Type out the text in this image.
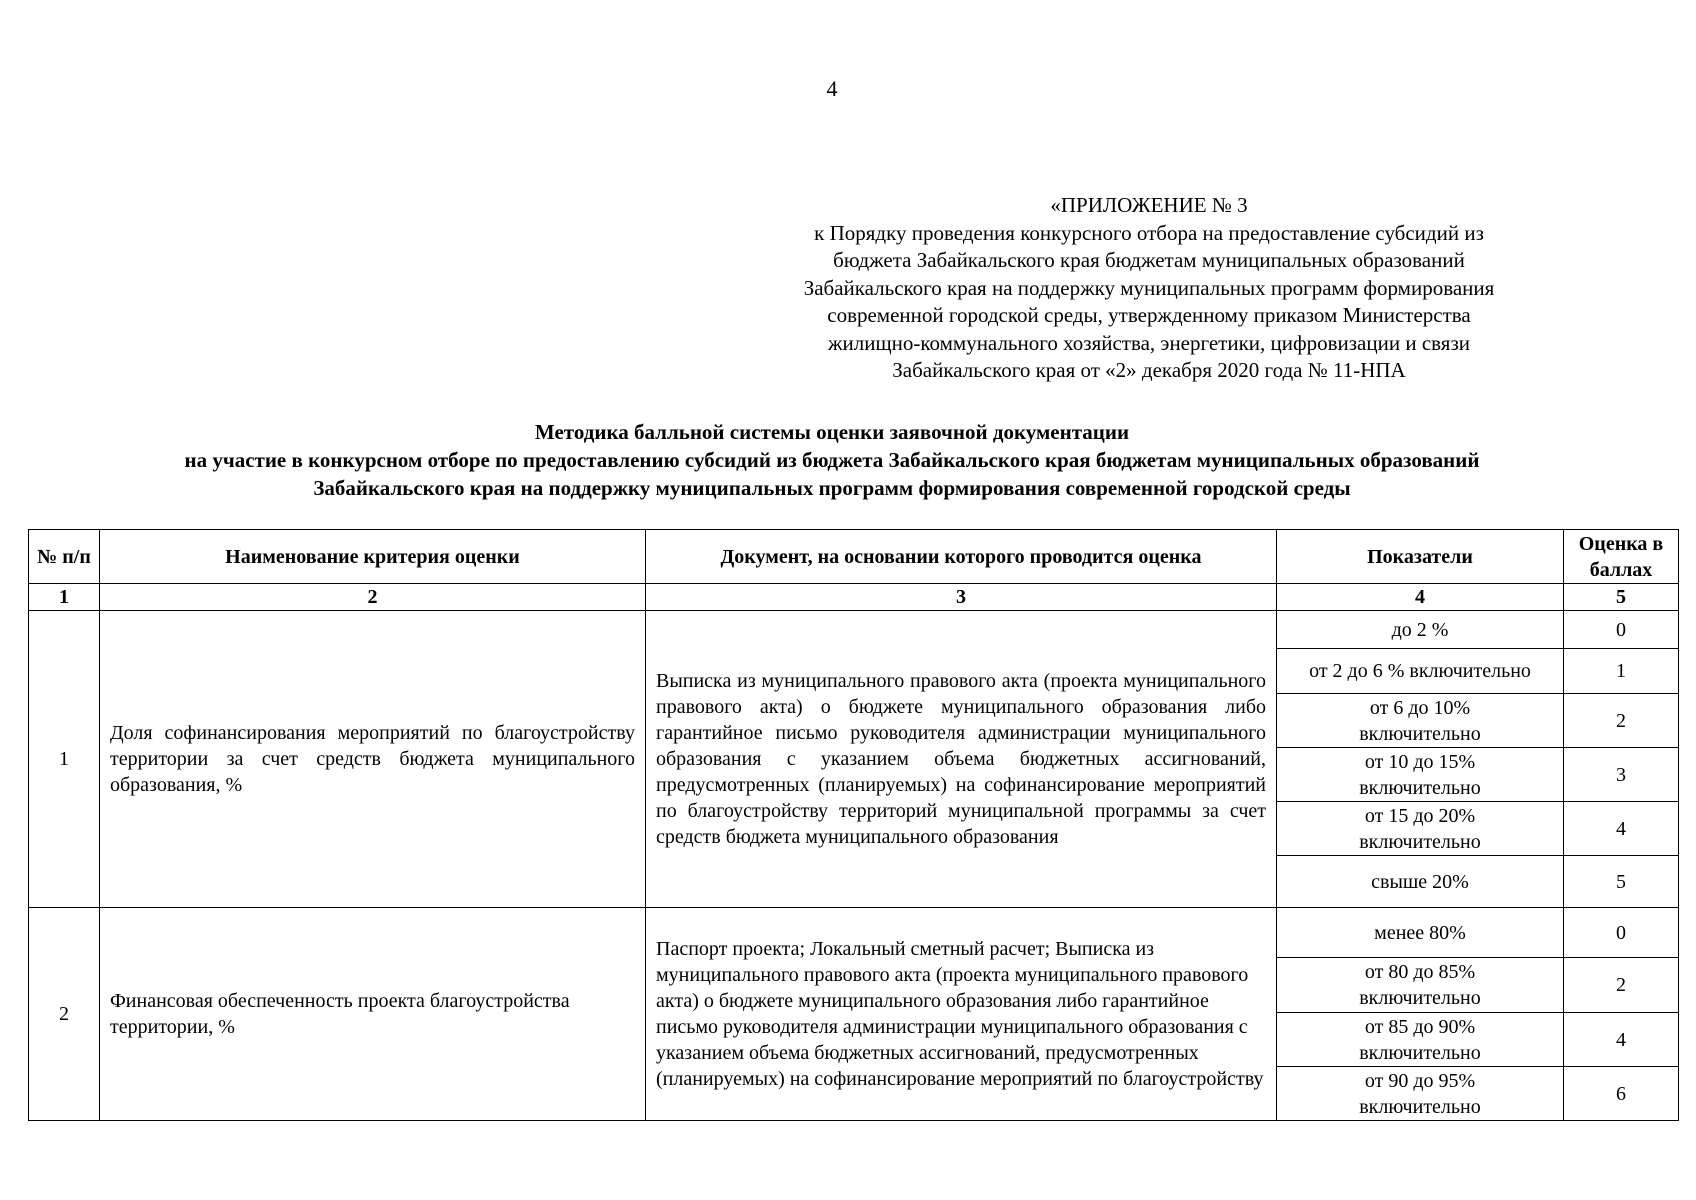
4
«ПРИЛОЖЕНИЕ № 3
к Порядку проведения конкурсного отбора на предоставление субсидий из
бюджета Забайкальского края бюджетам муниципальных образований
Забайкальского края на поддержку муниципальных программ формирования
современной городской среды, утвержденному приказом Министерства
жилищно-коммунального хозяйства, энергетики, цифровизации и связи
Забайкальского края от «2» декабря 2020 года № 11-НПА
Методика балльной системы оценки заявочной документации
на участие в конкурсном отборе по предоставлению субсидий из бюджета Забайкальского края бюджетам муниципальных образований
Забайкальского края на поддержку муниципальных программ формирования современной городской среды
№ п/п	Наименование критерия оценки	Документ, на основании которого проводится оценка	Показатели	Оценка в баллах
1	2	3	4	5
1	Доля софинансирования мероприятий по благоустройству территории за счет средств бюджета муниципального образования, %	Выписка из муниципального правового акта (проекта муниципального правового акта) о бюджете муниципального образования либо гарантийное письмо руководителя администрации муниципального образования с указанием объема бюджетных ассигнований, предусмотренных (планируемых) на софинансирование мероприятий по благоустройству территорий муниципальной программы за счет средств бюджета муниципального образования	до 2 %	0
			от 2 до 6 % включительно	1
			от 6 до 10% включительно	2
			от 10 до 15% включительно	3
			от 15 до 20% включительно	4
			свыше 20%	5
2	Финансовая обеспеченность проекта благоустройства территории, %	Паспорт проекта; Локальный сметный расчет; Выписка из муниципального правового акта (проекта муниципального правового акта) о бюджете муниципального образования либо гарантийное письмо руководителя администрации муниципального образования с указанием объема бюджетных ассигнований, предусмотренных (планируемых) на софинансирование мероприятий по благоустройству	менее 80%	0
			от 80 до 85% включительно	2
			от 85 до 90% включительно	4
			от 90 до 95% включительно	6
